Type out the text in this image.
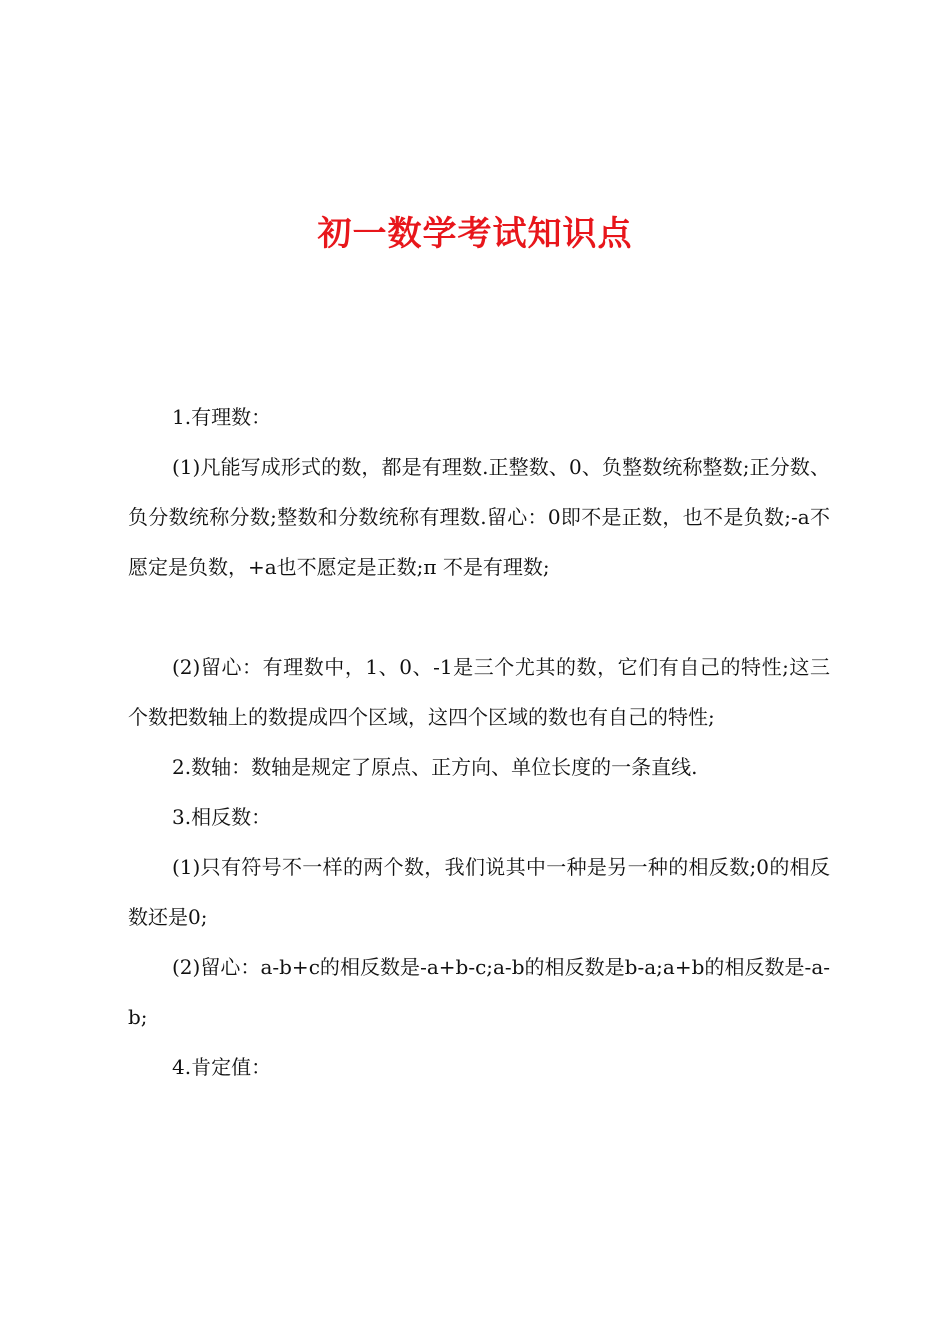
初一数学考试知识点

1.有理数：

(1)凡能写成形式的数，都是有理数.正整数、0、负整数统称整数;正分数、负分数统称分数;整数和分数统称有理数.留心：0即不是正数，也不是负数;-a不愿定是负数，+a也不愿定是正数;π 不是有理数;

(2)留心：有理数中，1、0、-1是三个尤其的数，它们有自己的特性;这三个数把数轴上的数提成四个区域，这四个区域的数也有自己的特性;

2.数轴：数轴是规定了原点、正方向、单位长度的一条直线.

3.相反数：

(1)只有符号不一样的两个数，我们说其中一种是另一种的相反数;0的相反数还是0;

(2)留心：a-b+c的相反数是-a+b-c;a-b的相反数是b-a;a+b的相反数是-a-b;

4.肯定值：
